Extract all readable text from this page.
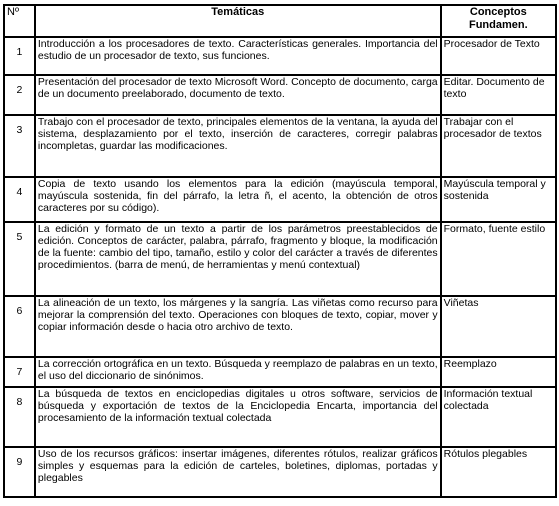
Nº	Temáticas	Conceptos
Fundamen.
1	Introducción a los procesadores de texto. Características generales. Importancia del estudio de un procesador de texto, sus funciones.	Procesador de Texto
2	Presentación del procesador de texto Microsoft Word. Concepto de documento, carga de un documento preelaborado, documento de texto.	Editar. Documento de texto
3	Trabajo con el procesador de texto, principales elementos de la ventana, la ayuda del sistema, desplazamiento por el texto, inserción de caracteres, corregir palabras incompletas, guardar las modificaciones.	Trabajar con el procesador de textos
4	Copia de texto usando los elementos para la edición (mayúscula temporal, mayúscula sostenida, fin del párrafo, la letra ñ, el acento, la obtención de otros caracteres por su código).	Mayúscula temporal y sostenida
5	La edición y formato de un texto a partir de los parámetros preestablecidos de edición. Conceptos de carácter, palabra, párrafo, fragmento y bloque, la modificación de la fuente: cambio del tipo, tamaño, estilo y color del carácter a través de diferentes procedimientos. (barra de menú, de herramientas y menú contextual)	Formato, fuente estilo
6	La alineación de un texto, los márgenes y la sangría. Las viñetas como recurso para mejorar la comprensión del texto. Operaciones con bloques de texto, copiar, mover y copiar información desde o hacia otro archivo de texto.	Viñetas
7	La corrección ortográfica en un texto. Búsqueda y reemplazo de palabras en un texto, el uso del diccionario de sinónimos.	Reemplazo
8	La búsqueda de textos en enciclopedias digitales u otros software, servicios de búsqueda y exportación de textos de la Enciclopedia Encarta, importancia del procesamiento de la información textual colectada	Información textual colectada
9	Uso de los recursos gráficos: insertar imágenes, diferentes rótulos, realizar gráficos simples y esquemas para la edición de carteles, boletines, diplomas, portadas y plegables	Rótulos plegables
